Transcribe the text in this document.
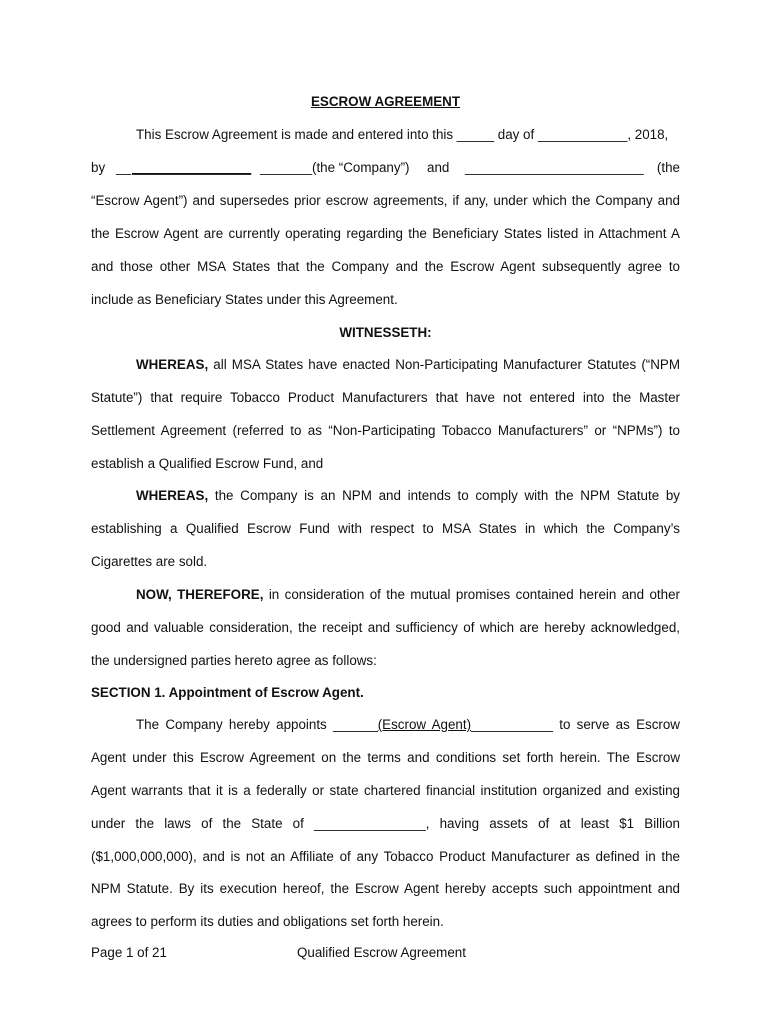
ESCROW AGREEMENT
This Escrow Agreement is made and entered into this _____ day of ____________, 2018,
by __ ________________ _______ (the “Company”) and ________________________ (the
“Escrow Agent”) and supersedes prior escrow agreements, if any, under which the Company and
the Escrow Agent are currently operating regarding the Beneficiary States listed in Attachment A
and those other MSA States that the Company and the Escrow Agent subsequently agree to
include as Beneficiary States under this Agreement.
WITNESSETH:
WHEREAS, all MSA States have enacted Non-Participating Manufacturer Statutes (“NPM
Statute”) that require Tobacco Product Manufacturers that have not entered into the Master
Settlement Agreement (referred to as “Non-Participating Tobacco Manufacturers” or “NPMs”) to
establish a Qualified Escrow Fund, and
WHEREAS, the Company is an NPM and intends to comply with the NPM Statute by
establishing a Qualified Escrow Fund with respect to MSA States in which the Company’s
Cigarettes are sold.
NOW, THEREFORE, in consideration of the mutual promises contained herein and other
good and valuable consideration, the receipt and sufficiency of which are hereby acknowledged,
the undersigned parties hereto agree as follows:
SECTION 1. Appointment of Escrow Agent.
The Company hereby appoints ______(Escrow Agent)___________ to serve as Escrow
Agent under this Escrow Agreement on the terms and conditions set forth herein. The Escrow
Agent warrants that it is a federally or state chartered financial institution organized and existing
under the laws of the State of _______________, having assets of at least $1 Billion
($1,000,000,000), and is not an Affiliate of any Tobacco Product Manufacturer as defined in the
NPM Statute. By its execution hereof, the Escrow Agent hereby accepts such appointment and
agrees to perform its duties and obligations set forth herein.
Page 1 of 21	Qualified Escrow Agreement
